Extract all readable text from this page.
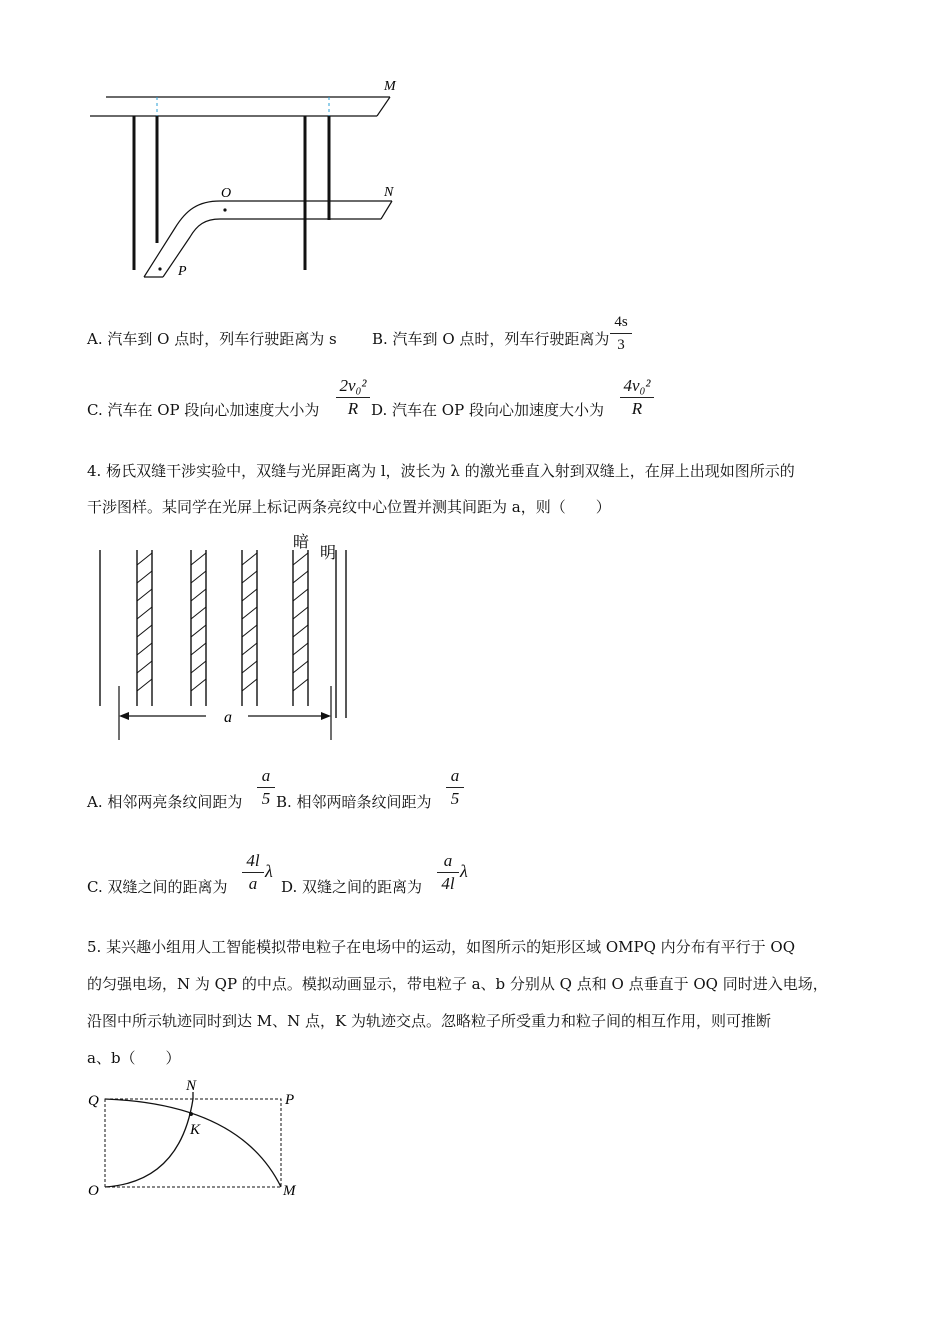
M
N
O
P
A. 汽车到 O 点时，列车行驶距离为 s B. 汽车到 O 点时，列车行驶距离为
4s
3
C. 汽车在 OP 段向心加速度大小为
2v₀²
R D. 汽车在 OP 段向心加速度大小为
4v₀²
R
4. 杨氏双缝干涉实验中，双缝与光屏距离为 l，波长为 λ 的激光垂直入射到双缝上，在屏上出现如图所示的
干涉图样。某同学在光屏上标记两条亮纹中心位置并测其间距为 a，则（　　）
a
暗
明
A. 相邻两亮条纹间距为
a
5 B. 相邻两暗条纹间距为
a
5
C. 双缝之间的距离为
4l
a
λ
D. 双缝之间的距离为
a
4l
λ
5. 某兴趣小组用人工智能模拟带电粒子在电场中的运动，如图所示的矩形区域 OMPQ 内分布有平行于 OQ
的匀强电场，N 为 QP 的中点。模拟动画显示，带电粒子 a、b 分别从 Q 点和 O 点垂直于 OQ 同时进入电场，
沿图中所示轨迹同时到达 M、N 点，K 为轨迹交点。忽略粒子所受重力和粒子间的相互作用，则可推断
a、b（　　）
Q
N
P
K
O	M
